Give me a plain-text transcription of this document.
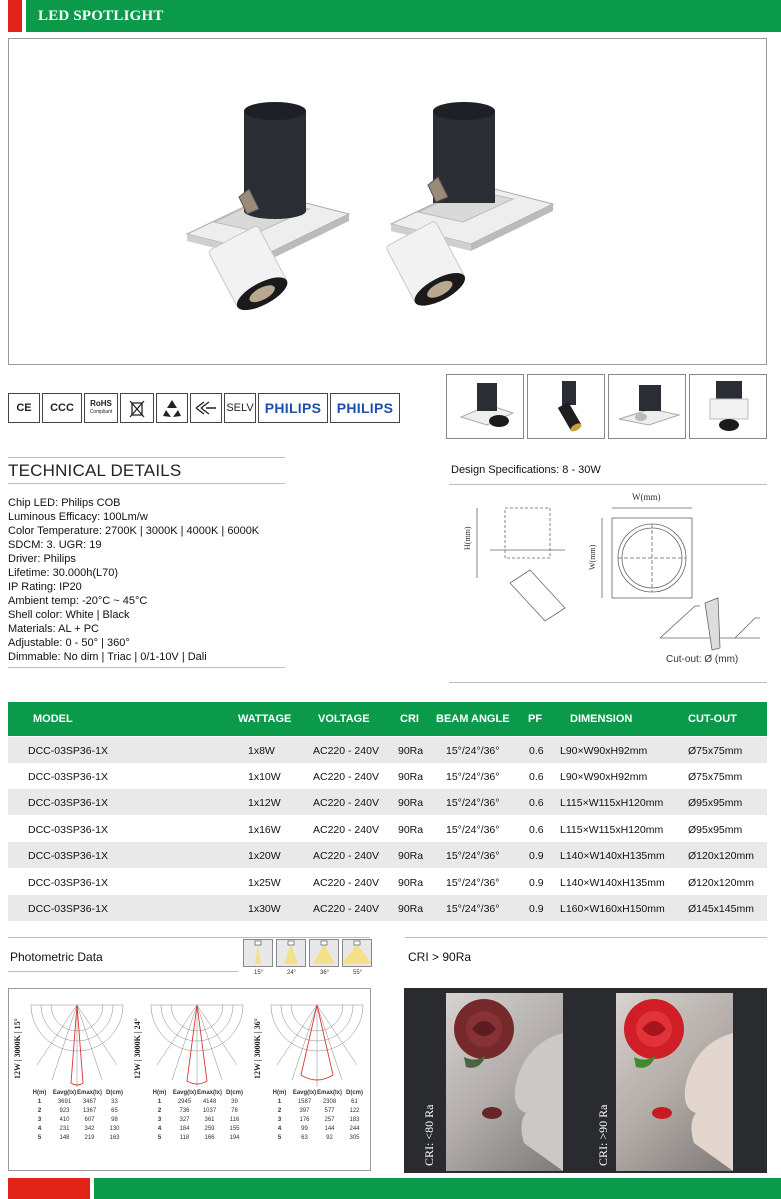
LED SPOTLIGHT
CE CCC RoHS
Compliant	SELV PHILIPS PHILIPS
TECHNICAL DETAILS
Chip LED: Philips COB
Luminous Efficacy: 100Lm/w
Color Temperature: 2700K | 3000K | 4000K | 6000K
SDCM: 3. UGR: 19
Driver: Philips
Lifetime: 30.000h(L70)
IP Rating: IP20
Ambient temp: -20°C ~ 45°C
Shell color: White | Black
Materials: AL + PC
Adjustable: 0 - 50° | 360°
Dimmable: No dim | Triac | 0/1-10V | Dali
Design Specifications: 8 - 30W
W(mm)
H(mm)
W(mm)
Cut-out: Ø (mm)
MODEL	WATTAGE VOLTAGE	CRI BEAM ANGLE PF	DIMENSION	CUT-OUT
DCC-03SP36-1X	1x8W	AC220 - 240V 90Ra 15°/24°/36°	0.6 L90×W90xH92mm	Ø75x75mm
DCC-03SP36-1X	1x10W	AC220 - 240V 90Ra 15°/24°/36°	0.6 L90×W90xH92mm	Ø75x75mm
DCC-03SP36-1X	1x12W	AC220 - 240V 90Ra 15°/24°/36°	0.6 L115×W115xH120mm Ø95x95mm
DCC-03SP36-1X	1x16W	AC220 - 240V 90Ra 15°/24°/36°	0.6 L115×W115xH120mm Ø95x95mm
DCC-03SP36-1X	1x20W	AC220 - 240V 90Ra 15°/24°/36°	0.9 L140×W140xH135mm Ø120x120mm
DCC-03SP36-1X	1x25W	AC220 - 240V 90Ra 15°/24°/36°	0.9 L140×W140xH135mm Ø120x120mm
DCC-03SP36-1X	1x30W	AC220 - 240V 90Ra 15°/24°/36°	0.9 L160×W160xH150mm Ø145x145mm
Photometric Data
15°	24°	36°	55°
12W | 3000K | 15°
H(m)	Eavg(lx) Emax(lx) D(cm)
1	3691	3467	33
2	923	1367	65
3	410	607	98
4	231	342	130
5	148	219	163
12W | 3000K | 24°
H(m)	Eavg(lx) Emax(lx) D(cm)
1	2945	4148	39
2	736	1037	78
3	327	361	116
4	184	259	155
5	118	166	194
12W | 3000K | 36°
H(m)	Eavg(lx) Emax(lx) D(cm)
1	1587	2308	61
2	397	577	122
3	176	257	183
4	99	144	244
5	63	92	305
CRI > 90Ra
CRI: <80 Ra	CRI: >90 Ra
